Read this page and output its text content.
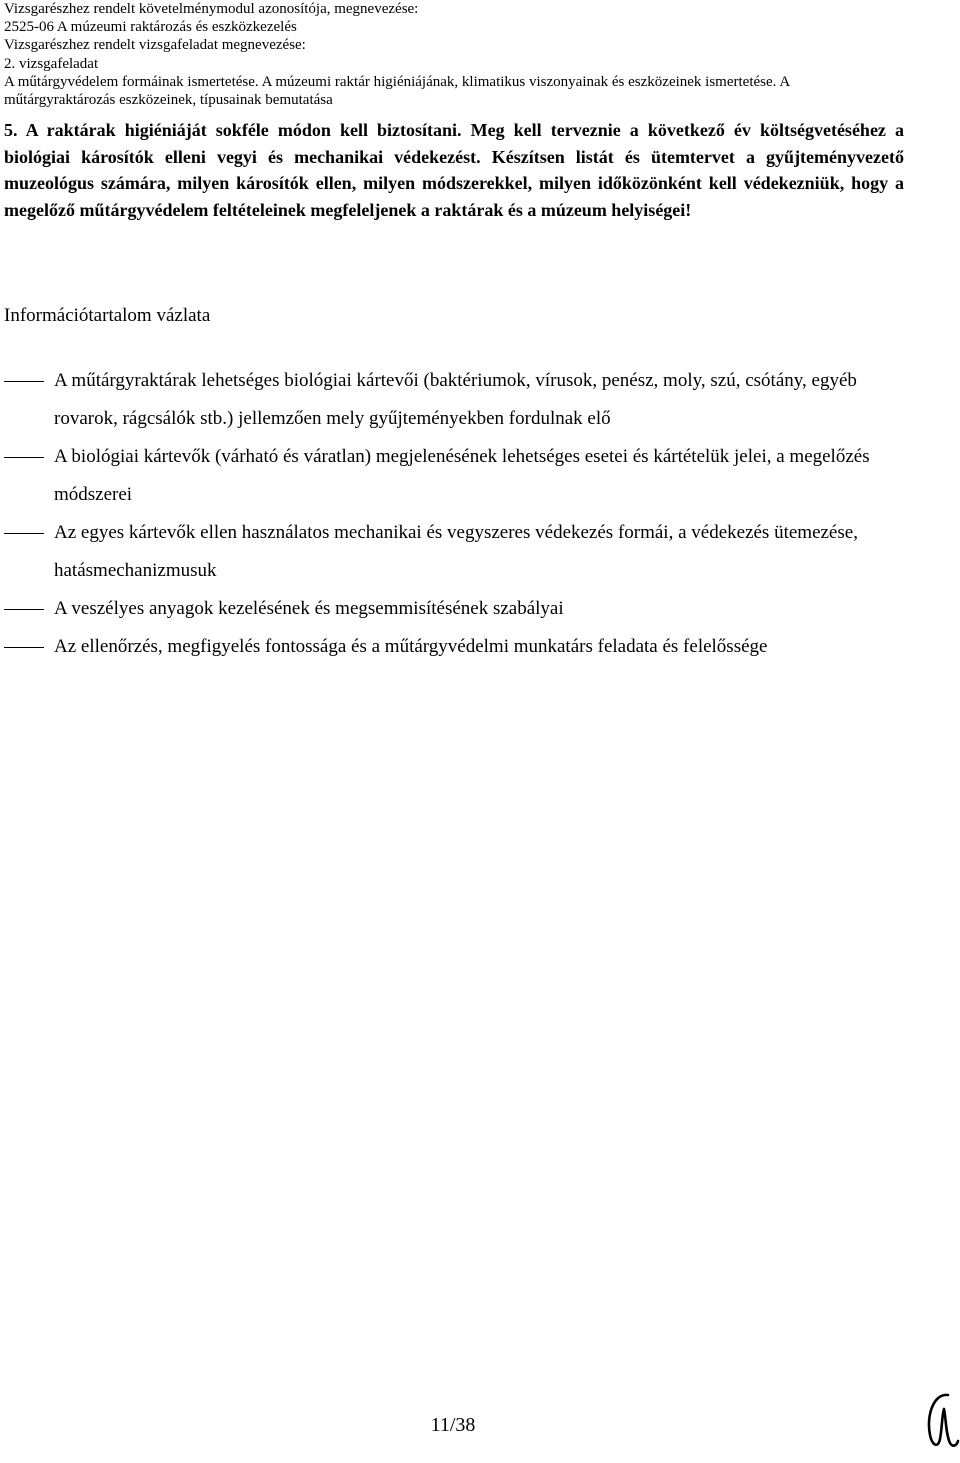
Vizsgarészhez rendelt követelménymodul azonosítója, megnevezése:
2525-06 A múzeumi raktározás és eszközkezelés
Vizsgarészhez rendelt vizsgafeladat megnevezése:
2. vizsgafeladat
A műtárgyvédelem formáinak ismertetése. A múzeumi raktár higiéniájának, klimatikus viszonyainak és eszközeinek ismertetése. A
műtárgyraktározás eszközeinek, típusainak bemutatása
5. A raktárak higiéniáját sokféle módon kell biztosítani. Meg kell terveznie a következő év költségvetéséhez a biológiai károsítók elleni vegyi és mechanikai védekezést. Készítsen listát és ütemtervet a gyűjteményvezető muzeológus számára, milyen károsítók ellen, milyen módszerekkel, milyen időközönként kell védekezniük, hogy a megelőző műtárgyvédelem feltételeinek megfeleljenek a raktárak és a múzeum helyiségei!
Információtartalom vázlata
A műtárgyraktárak lehetséges biológiai kártevői (baktériumok, vírusok, penész, moly, szú, csótány, egyéb rovarok, rágcsálók stb.) jellemzően mely gyűjteményekben fordulnak elő
A biológiai kártevők (várható és váratlan) megjelenésének lehetséges esetei és kártételük jelei, a megelőzés módszerei
Az egyes kártevők ellen használatos mechanikai és vegyszeres védekezés formái, a védekezés ütemezése, hatásmechanizmusuk
A veszélyes anyagok kezelésének és megsemmisítésének szabályai
Az ellenőrzés, megfigyelés fontossága és a műtárgyvédelmi munkatárs feladata és felelőssége
11/38
